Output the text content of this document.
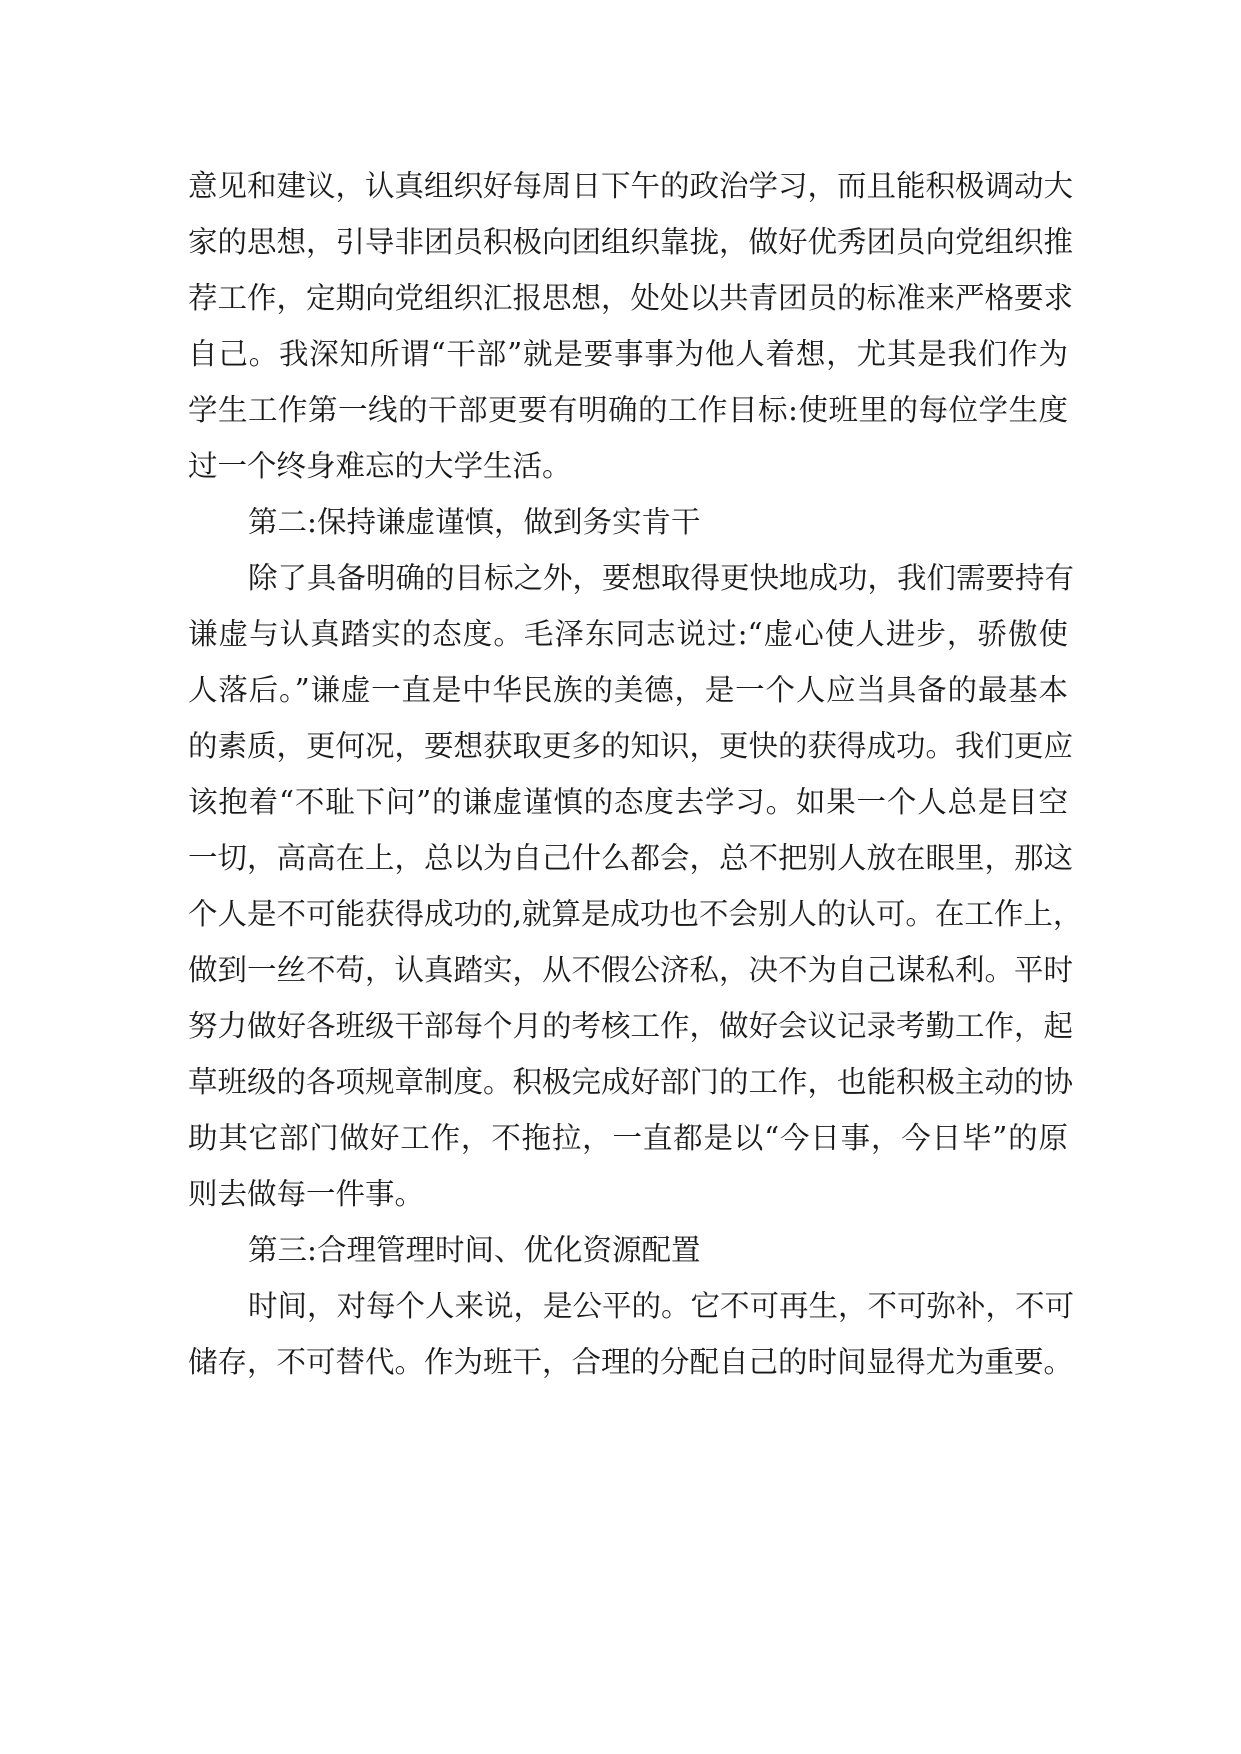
意见和建议，认真组织好每周日下午的政治学习，而且能积极调动大
家的思想，引导非团员积极向团组织靠拢，做好优秀团员向党组织推
荐工作，定期向党组织汇报思想，处处以共青团员的标准来严格要求
自己。我深知所谓“干部”就是要事事为他人着想，尤其是我们作为
学生工作第一线的干部更要有明确的工作目标:使班里的每位学生度
过一个终身难忘的大学生活。
第二:保持谦虚谨慎，做到务实肯干
除了具备明确的目标之外，要想取得更快地成功，我们需要持有
谦虚与认真踏实的态度。毛泽东同志说过:“虚心使人进步，骄傲使
人落后。”谦虚一直是中华民族的美德，是一个人应当具备的最基本
的素质，更何况，要想获取更多的知识，更快的获得成功。我们更应
该抱着“不耻下问”的谦虚谨慎的态度去学习。如果一个人总是目空
一切，高高在上，总以为自己什么都会，总不把别人放在眼里，那这
个人是不可能获得成功的,就算是成功也不会别人的认可。在工作上，
做到一丝不苟，认真踏实，从不假公济私，决不为自己谋私利。平时
努力做好各班级干部每个月的考核工作，做好会议记录考勤工作，起
草班级的各项规章制度。积极完成好部门的工作，也能积极主动的协
助其它部门做好工作，不拖拉，一直都是以“今日事，今日毕”的原
则去做每一件事。
第三:合理管理时间、优化资源配置
时间，对每个人来说，是公平的。它不可再生，不可弥补，不可
储存，不可替代。作为班干，合理的分配自己的时间显得尤为重要。
